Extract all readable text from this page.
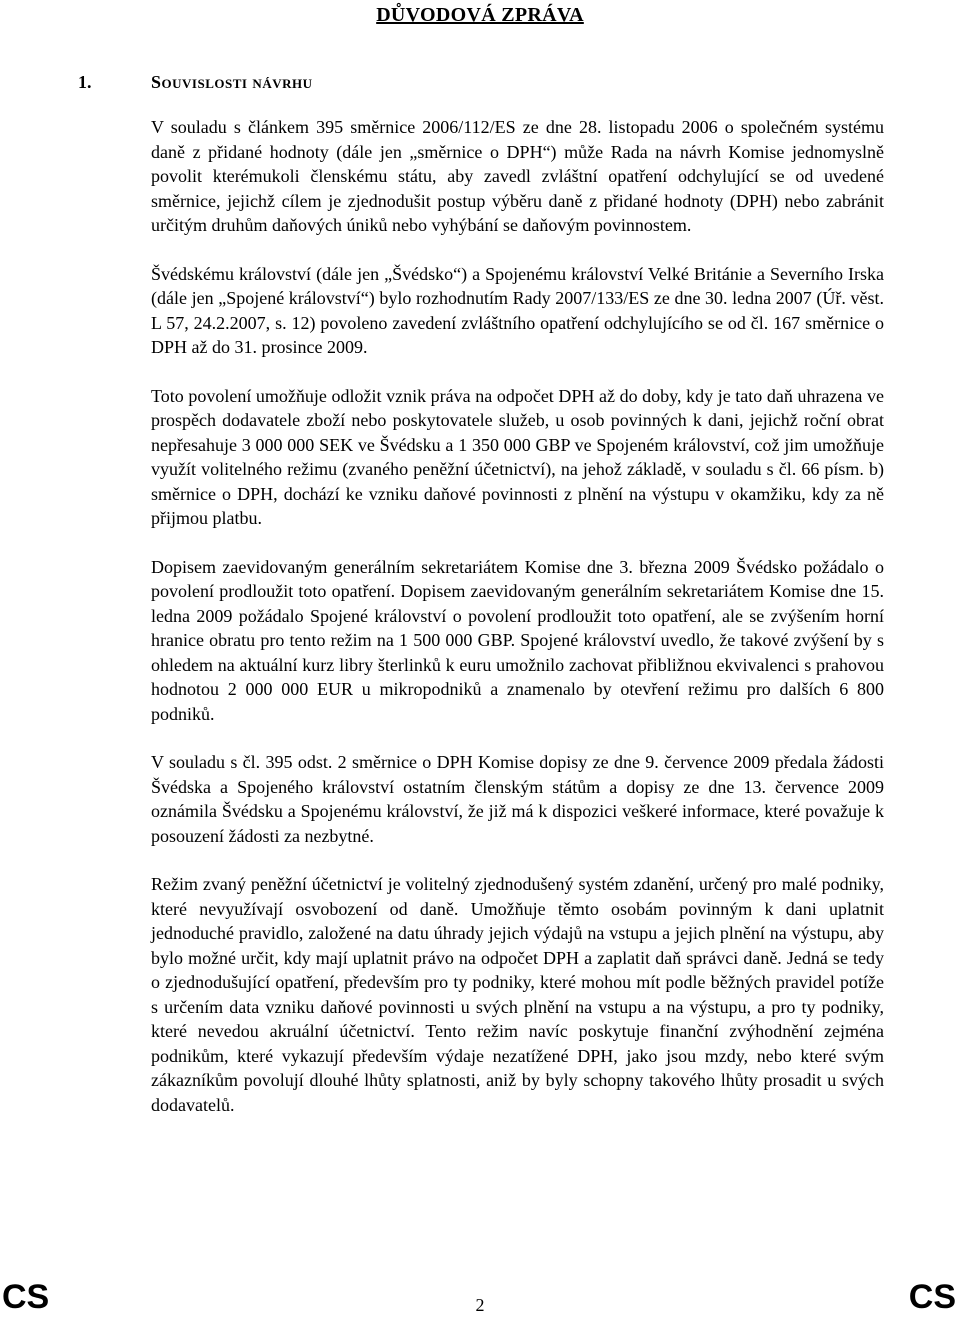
DŮVODOVÁ ZPRÁVA
1.	Souvislosti návrhu

V souladu s článkem 395 směrnice 2006/112/ES ze dne 28. listopadu 2006 o společném systému daně z přidané hodnoty (dále jen „směrnice o DPH“) může Rada na návrh Komise jednomyslně povolit kterémukoli členskému státu, aby zavedl zvláštní opatření odchylující se od uvedené směrnice, jejichž cílem je zjednodušit postup výběru daně z přidané hodnoty (DPH) nebo zabránit určitým druhům daňových úniků nebo vyhýbání se daňovým povinnostem.

Švédskému království (dále jen „Švédsko“) a Spojenému království Velké Británie a Severního Irska (dále jen „Spojené království“) bylo rozhodnutím Rady 2007/133/ES ze dne 30. ledna 2007 (Úř. věst. L 57, 24.2.2007, s. 12) povoleno zavedení zvláštního opatření odchylujícího se od čl. 167 směrnice o DPH až do 31. prosince 2009.

Toto povolení umožňuje odložit vznik práva na odpočet DPH až do doby, kdy je tato daň uhrazena ve prospěch dodavatele zboží nebo poskytovatele služeb, u osob povinných k dani, jejichž roční obrat nepřesahuje 3 000 000 SEK ve Švédsku a 1 350 000 GBP ve Spojeném království, což jim umožňuje využít volitelného režimu (zvaného peněžní účetnictví), na jehož základě, v souladu s čl. 66 písm. b) směrnice o DPH, dochází ke vzniku daňové povinnosti z plnění na výstupu v okamžiku, kdy za ně přijmou platbu.

Dopisem zaevidovaným generálním sekretariátem Komise dne 3. března 2009 Švédsko požádalo o povolení prodloužit toto opatření. Dopisem zaevidovaným generálním sekretariátem Komise dne 15. ledna 2009 požádalo Spojené království o povolení prodloužit toto opatření, ale se zvýšením horní hranice obratu pro tento režim na 1 500 000 GBP. Spojené království uvedlo, že takové zvýšení by s ohledem na aktuální kurz libry šterlinků k euru umožnilo zachovat přibližnou ekvivalenci s prahovou hodnotou 2 000 000 EUR u mikropodniků a znamenalo by otevření režimu pro dalších 6 800 podniků.

V souladu s čl. 395 odst. 2 směrnice o DPH Komise dopisy ze dne 9. července 2009 předala žádosti Švédska a Spojeného království ostatním členským státům a dopisy ze dne 13. července 2009 oznámila Švédsku a Spojenému království, že již má k dispozici veškeré informace, které považuje k posouzení žádosti za nezbytné.

Režim zvaný peněžní účetnictví je volitelný zjednodušený systém zdanění, určený pro malé podniky, které nevyužívají osvobození od daně. Umožňuje těmto osobám povinným k dani uplatnit jednoduché pravidlo, založené na datu úhrady jejich výdajů na vstupu a jejich plnění na výstupu, aby bylo možné určit, kdy mají uplatnit právo na odpočet DPH a zaplatit daň správci daně. Jedná se tedy o zjednodušující opatření, především pro ty podniky, které mohou mít podle běžných pravidel potíže s určením data vzniku daňové povinnosti u svých plnění na vstupu a na výstupu, a pro ty podniky, které nevedou akruální účetnictví. Tento režim navíc poskytuje finanční zvýhodnění zejména podnikům, které vykazují především výdaje nezatížené DPH, jako jsou mzdy, nebo které svým zákazníkům povolují dlouhé lhůty splatnosti, aniž by byly schopny takového lhůty prosadit u svých dodavatelů.

CS	2	CS
